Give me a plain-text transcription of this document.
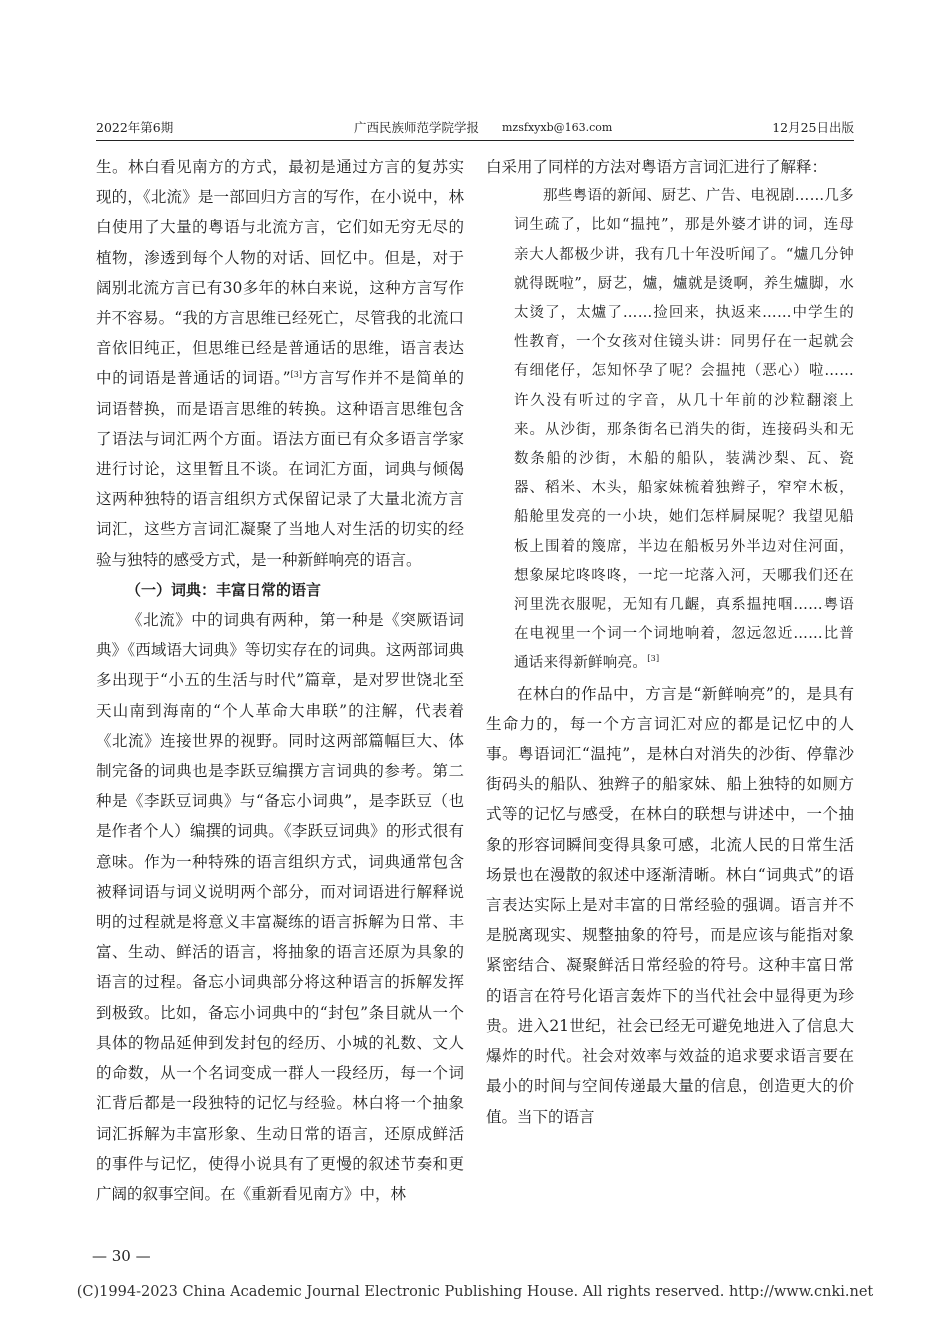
2022年第6期	广西民族师范学院学报 mzsfxyxb@163.com	12月25日出版

生。林白看见南方的方式，最初是通过方言的复苏实现的，《北流》是一部回归方言的写作，在小说中，林白使用了大量的粤语与北流方言，它们如无穷无尽的植物，渗透到每个人物的对话、回忆中。但是，对于阔别北流方言已有30多年的林白来说，这种方言写作并不容易。“我的方言思维已经死亡，尽管我的北流口音依旧纯正，但思维已经是普通话的思维，语言表达中的词语是普通话的词语。”[3]方言写作并不是简单的词语替换，而是语言思维的转换。这种语言思维包含了语法与词汇两个方面。语法方面已有众多语言学家进行讨论，这里暂且不谈。在词汇方面，词典与倾偈这两种独特的语言组织方式保留记录了大量北流方言词汇，这些方言词汇凝聚了当地人对生活的切实的经验与独特的感受方式，是一种新鲜响亮的语言。

（一）词典：丰富日常的语言

《北流》中的词典有两种，第一种是《突厥语词典》《西域语大词典》等切实存在的词典。这两部词典多出现于“小五的生活与时代”篇章，是对罗世饶北至天山南到海南的“个人革命大串联”的注解，代表着《北流》连接世界的视野。同时这两部篇幅巨大、体制完备的词典也是李跃豆编撰方言词典的参考。第二种是《李跃豆词典》与“备忘小词典”，是李跃豆（也是作者个人）编撰的词典。《李跃豆词典》的形式很有意味。作为一种特殊的语言组织方式，词典通常包含被释词语与词义说明两个部分，而对词语进行解释说明的过程就是将意义丰富凝练的语言拆解为日常、丰富、生动、鲜活的语言，将抽象的语言还原为具象的语言的过程。备忘小词典部分将这种语言的拆解发挥到极致。比如，备忘小词典中的“封包”条目就从一个具体的物品延伸到发封包的经历、小城的礼数、文人的命数，从一个名词变成一群人一段经历，每一个词汇背后都是一段独特的记忆与经验。林白将一个抽象词汇拆解为丰富形象、生动日常的语言，还原成鲜活的事件与记忆，使得小说具有了更慢的叙述节奏和更广阔的叙事空间。在《重新看见南方》中，林

白采用了同样的方法对粤语方言词汇进行了解释：

那些粤语的新闻、厨艺、广告、电视剧……几多词生疏了，比如“揾扽”，那是外婆才讲的词，连母亲大人都极少讲，我有几十年没听闻了。“爐几分钟就得既啦”，厨艺，爐，爐就是烫啊，养生爐脚，水太烫了，太爐了……捡回来，执返来……中学生的性教育，一个女孩对住镜头讲：同男仔在一起就会有细佬仔，怎知怀孕了呢？会揾扽（恶心）啦……许久没有听过的字音，从几十年前的沙粒翻滚上来。从沙街，那条街名已消失的街，连接码头和无数条船的沙街，木船的船队，装满沙梨、瓦、瓷器、稻米、木头，船家妹梳着独辫子，窄窄木板，船舱里发亮的一小块，她们怎样屙屎呢？我望见船板上围着的篾席，半边在船板另外半边对住河面，想象屎坨咚咚咚，一坨一坨落入河，天哪我们还在河里洗衣服呢，无知有几齷，真系揾扽啯……粤语在电视里一个词一个词地响着，忽远忽近……比普通话来得新鲜响亮。[3]

在林白的作品中，方言是“新鲜响亮”的，是具有生命力的，每一个方言词汇对应的都是记忆中的人事。粤语词汇“温扽”，是林白对消失的沙街、停靠沙街码头的船队、独辫子的船家妹、船上独特的如厕方式等的记忆与感受，在林白的联想与讲述中，一个抽象的形容词瞬间变得具象可感，北流人民的日常生活场景也在漫散的叙述中逐渐清晰。林白“词典式”的语言表达实际上是对丰富的日常经验的强调。语言并不是脱离现实、规整抽象的符号，而是应该与能指对象紧密结合、凝聚鲜活日常经验的符号。这种丰富日常的语言在符号化语言轰炸下的当代社会中显得更为珍贵。进入21世纪，社会已经无可避免地进入了信息大爆炸的时代。社会对效率与效益的追求要求语言要在最小的时间与空间传递最大量的信息，创造更大的价值。当下的语言

— 30 —
(C)1994-2023 China Academic Journal Electronic Publishing House. All rights reserved. http://www.cnki.net
